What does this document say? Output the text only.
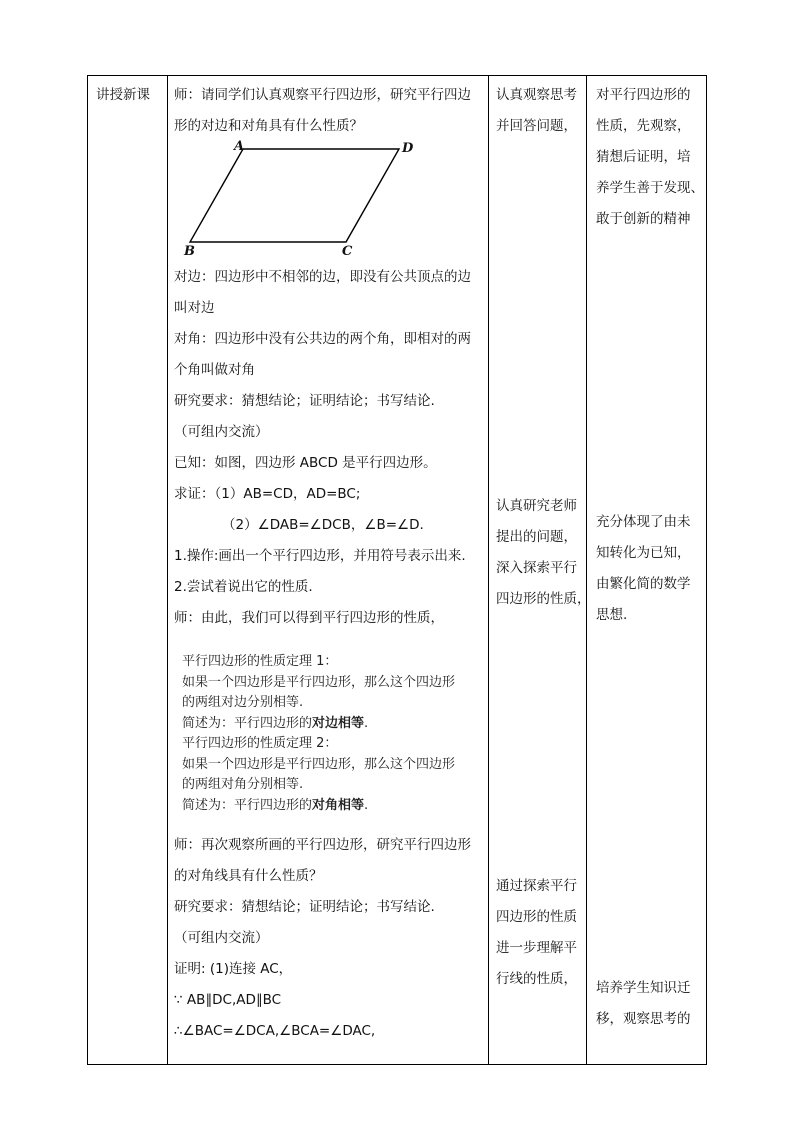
讲授新课 师：请同学们认真观察平行四边形，研究平行四边

形的对边和对角具有什么性质？

A	D
B	C

对边：四边形中不相邻的边，即没有公共顶点的边

叫对边

对角：四边形中没有公共边的两个角，即相对的两

个角叫做对角

研究要求：猜想结论；证明结论；书写结论.

（可组内交流）

已知：如图，四边形 ABCD 是平行四边形。

求证：（1）AB=CD，AD=BC;

（2）∠DAB=∠DCB，∠B=∠D.

1.操作:画出一个平行四边形，并用符号表示出来.

2.尝试着说出它的性质.

师：由此，我们可以得到平行四边形的性质，

平行四边形的性质定理 1：

如果一个四边形是平行四边形，那么这个四边形

的两组对边分别相等.

简述为：平行四边形的对边相等.

平行四边形的性质定理 2：

如果一个四边形是平行四边形，那么这个四边形

的两组对角分别相等.

简述为：平行四边形的对角相等.

师：再次观察所画的平行四边形，研究平行四边形

的对角线具有什么性质？

研究要求：猜想结论；证明结论；书写结论.

（可组内交流）

证明: (1)连接 AC，

∵ AB∥DC,AD∥BC

∴∠BAC=∠DCA,∠BCA=∠DAC,

认真观察思考

并回答问题，

认真研究老师

提出的问题，

深入探索平行

四边形的性质，

通过探索平行

四边形的性质

进一步理解平

行线的性质，

对平行四边形的

性质，先观察，

猜想后证明，培

养学生善于发现、

敢于创新的精神

充分体现了由未

知转化为已知，

由繁化简的数学

思想.

培养学生知识迁

移，观察思考的
